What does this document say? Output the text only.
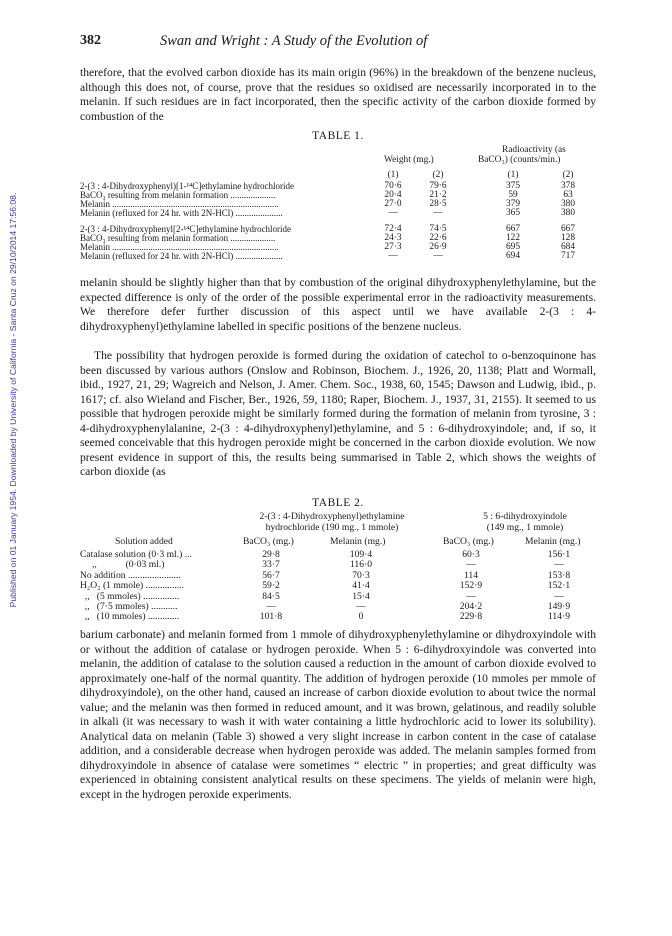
Published on 01 January 1954. Downloaded by University of California - Santa Cruz on 29/10/2014 17:56:08.
382	Swan and Wright : A Study of the Evolution of

therefore, that the evolved carbon dioxide has its main origin (96%) in the breakdown of the benzene nucleus, although this does not, of course, prove that the residues so oxidised are necessarily incorporated in to the melanin. If such residues are in fact incorporated, then the specific activity of the carbon dioxide formed by combustion of the

TABLE 1.
Weight (mg.)
Radioactivity (as
BaCO₃) (counts/min.)
(1)	(2)	(1)	(2)
2-(3 : 4-Dihydroxyphenyl)[1-¹⁴C]ethylamine hydrochloride	70·6	79·6	375	378
BaCO₃ resulting from melanin formation ....................	20·4	21·2	59	63
Melanin ..........................................................................	27·0	28·5	379	380
Melanin (refluxed for 24 hr. with 2N-HCl) .....................	—	—	365	380
2-(3 : 4-Dihydroxyphenyl[2-¹⁴C]ethylamine hydrochloride	72·4	74·5	667	667
BaCO₃ resulting from melanin formation ....................	24·3	22·6	122	128
Melanin ..........................................................................	27·3	26·9	695	684
Melanin (refluxed for 24 hr. with 2N-HCl) .....................	—	—	694	717

melanin should be slightly higher than that by combustion of the original dihydroxyphenylethylamine, but the expected difference is only of the order of the possible experimental error in the radioactivity measurements. We therefore defer further discussion of this aspect until we have available 2-(3 : 4-dihydroxyphenyl)ethylamine labelled in specific positions of the benzene nucleus.

The possibility that hydrogen peroxide is formed during the oxidation of catechol to o-benzoquinone has been discussed by various authors (Onslow and Robinson, Biochem. J., 1926, 20, 1138; Platt and Wormall, ibid., 1927, 21, 29; Wagreich and Nelson, J. Amer. Chem. Soc., 1938, 60, 1545; Dawson and Ludwig, ibid., p. 1617; cf. also Wieland and Fischer, Ber., 1926, 59, 1180; Raper, Biochem. J., 1937, 31, 2155). It seemed to us possible that hydrogen peroxide might be similarly formed during the formation of melanin from tyrosine, 3 : 4-dihydroxyphenylalanine, 2-(3 : 4-dihydroxyphenyl)ethylamine, and 5 : 6-dihydroxyindole; and, if so, it seemed conceivable that this hydrogen peroxide might be concerned in the carbon dioxide evolution. We now present evidence in support of this, the results being summarised in Table 2, which shows the weights of carbon dioxide (as

TABLE 2.
2-(3 : 4-Dihydroxyphenyl)ethylamine
hydrochloride (190 mg., 1 mmole)
5 : 6-dihydroxyindole
(149 mg., 1 mmole)
Solution added	BaCO₃ (mg.)	Melanin (mg.)	BaCO₃ (mg.)	Melanin (mg.)
Catalase solution (0·3 ml.) ...	29·8	109·4	60·3	156·1
,,            (0·03 ml.)	33·7	116·0	—	—
No addition ......................	56·7	70·3	114	153·8
H₂O₂ (1 mmole) ................	59·2	41·4	152·9	152·1
,,   (5 mmoles) ...............	84·5	15·4	—	—
,,   (7·5 mmoles) ...........	—	—	204·2	149·9
,,   (10 mmoles) .............	101·8	0	229·8	114·9

barium carbonate) and melanin formed from 1 mmole of dihydroxyphenylethylamine or dihydroxyindole with or without the addition of catalase or hydrogen peroxide. When 5 : 6-dihydroxyindole was converted into melanin, the addition of catalase to the solution caused a reduction in the amount of carbon dioxide evolved to approximately one-half of the normal quantity. The addition of hydrogen peroxide (10 mmoles per mmole of dihydroxyindole), on the other hand, caused an increase of carbon dioxide evolution to about twice the normal value; and the melanin was then formed in reduced amount, and it was brown, gelatinous, and readily soluble in alkali (it was necessary to wash it with water containing a little hydrochloric acid to lower its solubility). Analytical data on melanin (Table 3) showed a very slight increase in carbon content in the case of catalase addition, and a considerable decrease when hydrogen peroxide was added. The melanin samples formed from dihydroxyindole in absence of catalase were sometimes “ electric ” in properties; and great difficulty was experienced in obtaining consistent analytical results on these specimens. The yields of melanin were high, except in the hydrogen peroxide experiments.
